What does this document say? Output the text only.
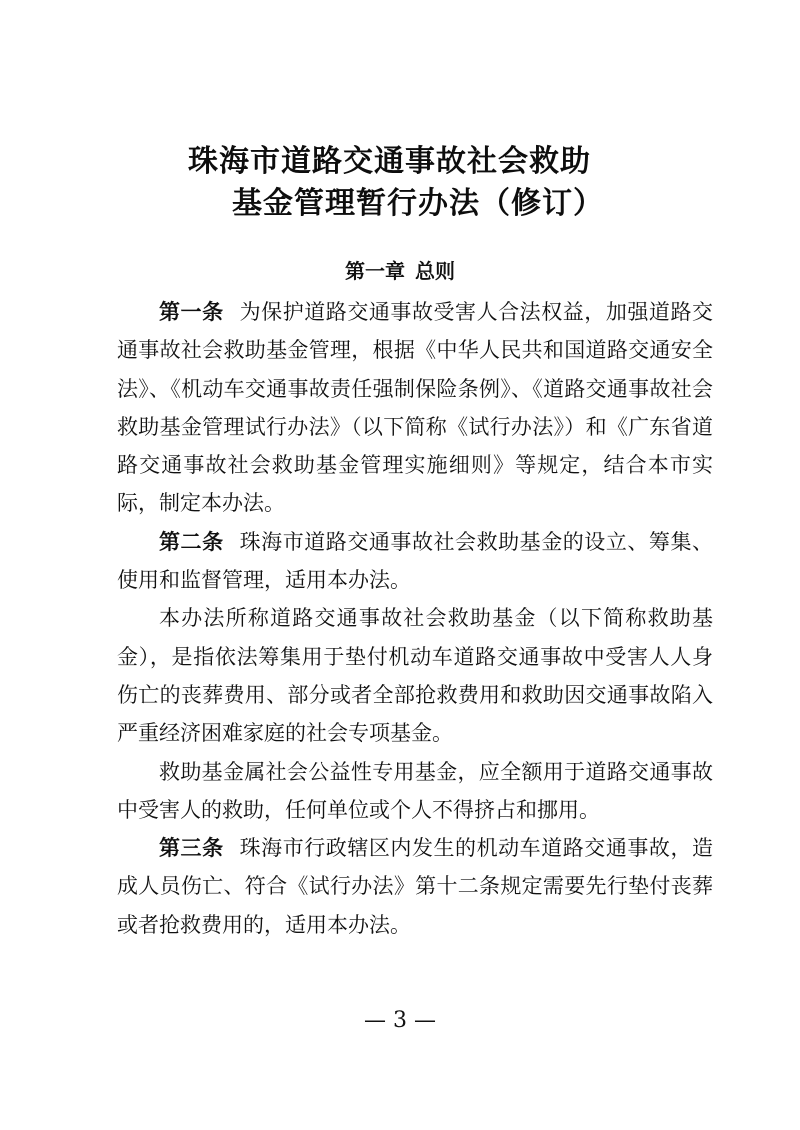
珠海市道路交通事故社会救助
基金管理暂行办法（修订）
第一章 总则

第一条 为保护道路交通事故受害人合法权益，加强道路交通事故社会救助基金管理，根据《中华人民共和国道路交通安全法》、《机动车交通事故责任强制保险条例》、《道路交通事故社会救助基金管理试行办法》（以下简称《试行办法》）和《广东省道路交通事故社会救助基金管理实施细则》等规定，结合本市实际，制定本办法。

第二条 珠海市道路交通事故社会救助基金的设立、筹集、使用和监督管理，适用本办法。

本办法所称道路交通事故社会救助基金（以下简称救助基金），是指依法筹集用于垫付机动车道路交通事故中受害人人身伤亡的丧葬费用、部分或者全部抢救费用和救助因交通事故陷入严重经济困难家庭的社会专项基金。

救助基金属社会公益性专用基金，应全额用于道路交通事故中受害人的救助，任何单位或个人不得挤占和挪用。

第三条 珠海市行政辖区内发生的机动车道路交通事故，造成人员伤亡、符合《试行办法》第十二条规定需要先行垫付丧葬或者抢救费用的，适用本办法。

— 3 —
